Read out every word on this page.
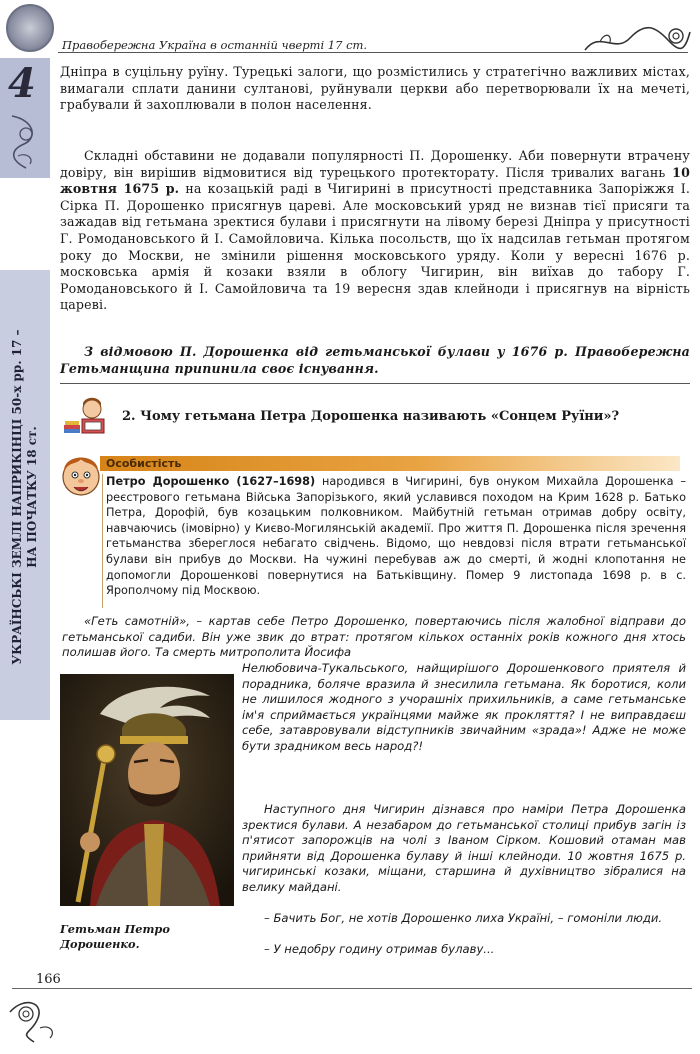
Правобережна Україна в останній чверті 17 ст.
4
УКРАЇНСЬКІ ЗЕМЛІ НАПРИКІНЦІ 50-х рр. 17 –
НА ПОЧАТКУ 18 ст.
Дніпра в суцільну руїну. Турецькі залоги, що розмістились у стратегічно важливих містах, вимагали сплати данини султанові, руйнували церкви або перетворювали їх на мечеті, грабували й захоплювали в полон населення.
Складні обставини не додавали популярності П. Дорошенку. Аби повернути втрачену довіру, він вирішив відмовитися від турецького протекторату. Після тривалих вагань 10 жовтня 1675 р. на козацькій раді в Чигирині в присутності представника Запоріжжя І. Сірка П. Дорошенко присягнув цареві. Але московський уряд не визнав тієї присяги та зажадав від гетьмана зректися булави і присягнути на лівому березі Дніпра у присутності Г. Ромодановського й І. Самойловича. Кілька посольств, що їх надсилав гетьман протягом року до Москви, не змінили рішення московського уряду. Коли у вересні 1676 р. московська армія й козаки взяли в облогу Чигирин, він виїхав до табору Г. Ромодановського й І. Самойловича та 19 вересня здав клейноди і присягнув на вірність цареві.
З відмовою П. Дорошенка від гетьманської булави у 1676 р. Правобережна Гетьманщина припинила своє існування.
2. Чому гетьмана Петра Дорошенка називають «Сонцем Руїни»?
Особистість
Петро Дорошенко (1627–1698) народився в Чигирині, був онуком Михайла Дорошенка – реєстрового гетьмана Війська Запорізького, який уславився походом на Крим 1628 р. Батько Петра, Дорофій, був козацьким полковником. Майбутній гетьман отримав добру освіту, навчаючись (імовірно) у Києво-Могилянській академії. Про життя П. Дорошенка після зречення гетьманства збереглося небагато свідчень. Відомо, що невдовзі після втрати гетьманської булави він прибув до Москви. На чужині перебував аж до смерті, й жодні клопотання не допомогли Дорошенкові повернутися на Батьківщину. Помер 9 листопада 1698 р. в с. Ярополчому під Москвою.
«Геть самотній», – картав себе Петро Дорошенко, повертаючись після жалобної відправи до гетьманської садиби. Він уже звик до втрат: протягом кількох останніх років кожного дня хтось полишав його. Та смерть митрополита Йосифа
Нелюбовича-Тукальського, найщирішого Дорошенкового приятеля й порадника, боляче вразила й знесилила гетьмана. Як боротися, коли не лишилося жодного з учорашніх прихильників, а саме гетьманське ім'я сприймається українцями майже як прокляття? І не виправдаєш себе, затавровували відступників звичайним «зрада»! Адже не може бути зрадником весь народ?!
Наступного дня Чигирин дізнався про наміри Петра Дорошенка зректися булави. А незабаром до гетьманської столиці прибув загін із п'ятисот запорожців на чолі з Іваном Сірком. Кошовий отаман мав прийняти від Дорошенка булаву й інші клейноди. 10 жовтня 1675 р. чигиринські козаки, міщани, старшина й духівництво зібралися на велику майдані.
– Бачить Бог, не хотів Дорошенко лиха Україні, – гомоніли люди.
– У недобру годину отримав булаву...
Гетьман Петро Дорошенко.
166
